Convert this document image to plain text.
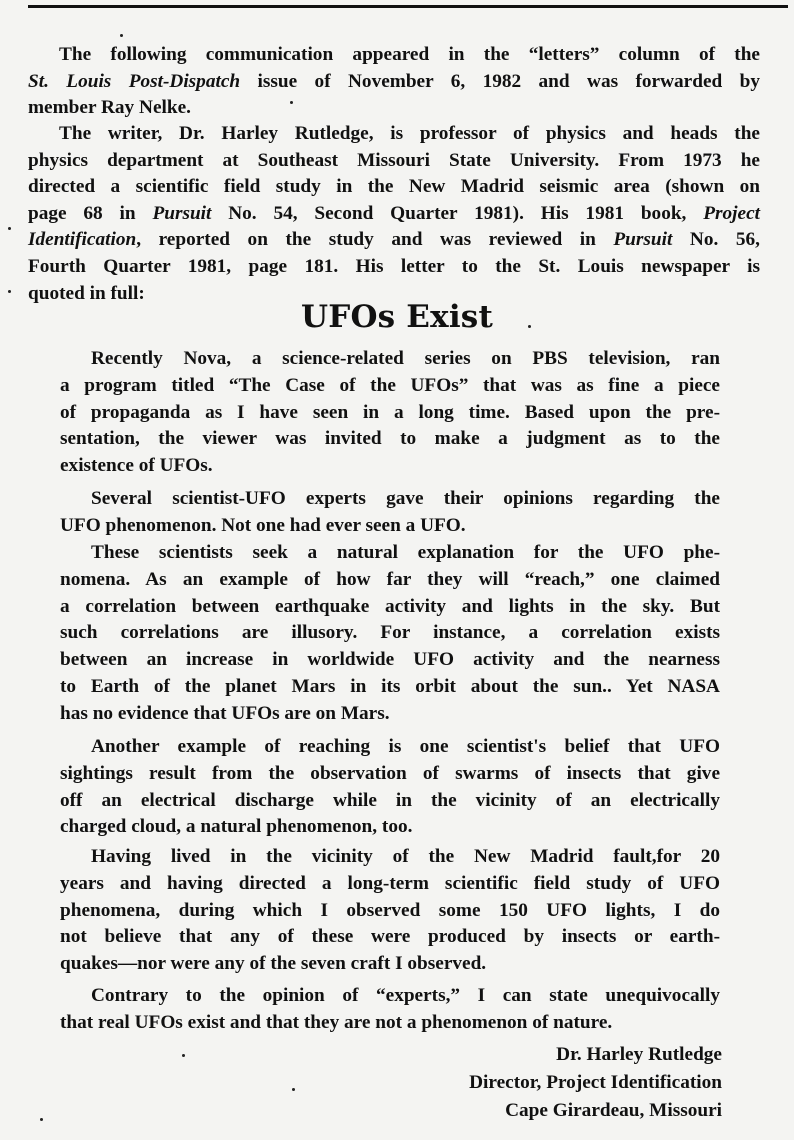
The following communication appeared in the “letters” column of the
St. Louis Post-Dispatch issue of November 6, 1982 and was forwarded by
member Ray Nelke.
The writer, Dr. Harley Rutledge, is professor of physics and heads the
physics department at Southeast Missouri State University. From 1973 he
directed a scientific field study in the New Madrid seismic area (shown on
page 68 in Pursuit No. 54, Second Quarter 1981). His 1981 book, Project
Identification, reported on the study and was reviewed in Pursuit No. 56,
Fourth Quarter 1981, page 181. His letter to the St. Louis newspaper is
quoted in full:
UFOs Exist
Recently Nova, a science-related series on PBS television, ran
a program titled “The Case of the UFOs” that was as fine a piece
of propaganda as I have seen in a long time. Based upon the pre-
sentation, the viewer was invited to make a judgment as to the
existence of UFOs.
Several scientist-UFO experts gave their opinions regarding the
UFO phenomenon. Not one had ever seen a UFO.
These scientists seek a natural explanation for the UFO phe-
nomena. As an example of how far they will “reach,” one claimed
a correlation between earthquake activity and lights in the sky. But
such correlations are illusory. For instance, a correlation exists
between an increase in worldwide UFO activity and the nearness
to Earth of the planet Mars in its orbit about the sun.. Yet NASA
has no evidence that UFOs are on Mars.
Another example of reaching is one scientist's belief that UFO
sightings result from the observation of swarms of insects that give
off an electrical discharge while in the vicinity of an electrically
charged cloud, a natural phenomenon, too.
Having lived in the vicinity of the New Madrid fault,for 20
years and having directed a long-term scientific field study of UFO
phenomena, during which I observed some 150 UFO lights, I do
not believe that any of these were produced by insects or earth-
quakes—nor were any of the seven craft I observed.
Contrary to the opinion of “experts,” I can state unequivocally
that real UFOs exist and that they are not a phenomenon of nature.
Dr. Harley Rutledge
Director, Project Identification
Cape Girardeau, Missouri
